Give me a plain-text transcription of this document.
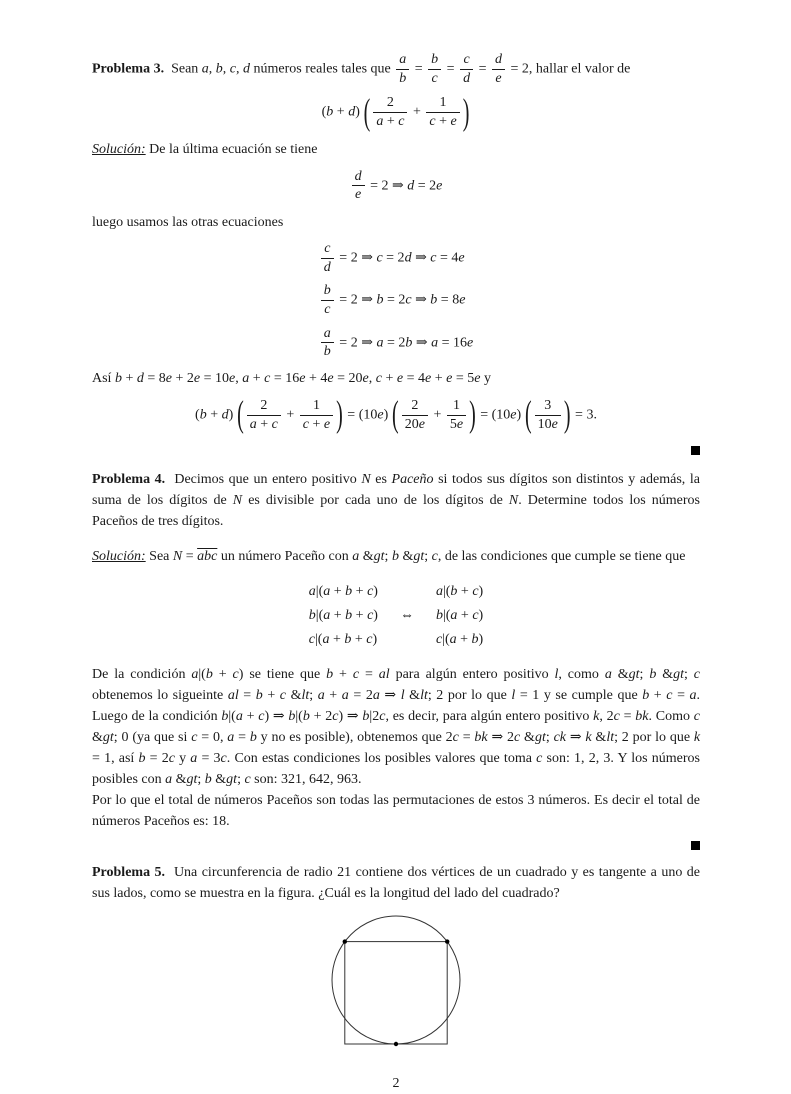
Problema 3.  Sean a, b, c, d números reales tales que $\frac{a}{b} = \frac{b}{c} = \frac{c}{d} = \frac{d}{e} = 2$, hallar el valor de
(b + d) ( $\frac{2}{a + c} + \frac{1}{c + e}$ )
Solución: De la última ecuación se tiene
$\frac{d}{e} = 2$ ⇒ d = 2e
luego usamos las otras ecuaciones
$\frac{c}{d} = 2$ ⇒ c = 2d ⇒ c = 4e
$\frac{b}{c} = 2$ ⇒ b = 2c ⇒ b = 8e
$\frac{a}{b} = 2$ ⇒ a = 2b ⇒ a = 16e
Así b + d = 8e + 2e = 10e, a + c = 16e + 4e = 20e, c + e = 4e + e = 5e y
(b + d) ( $\frac{2}{a + c} + \frac{1}{c + e}$ ) = (10e) ( $\frac{2}{20e} + \frac{1}{5e}$ ) = (10e) ( $\frac{3}{10e}$ ) = 3.
Problema 4.  Decimos que un entero positivo N es Paceño si todos sus dígitos son distintos y además, la suma de los dígitos de N es divisible por cada uno de los dígitos de N. Determine todos los números Paceños de tres dígitos.
Solución: Sea $N = \overline{abc}$ un número Paceño con a &gt; b &gt; c, de las condiciones que cumple se tiene que
a|(a + b + c)	a|(b + c)
b|(a + b + c)	⇔	b|(a + c)
c|(a + b + c)	c|(a + b)
De la condición a|(b + c) se tiene que b + c = al para algún entero positivo l, como a &gt; b &gt; c obtenemos lo sigueinte al = b + c &lt; a + a = 2a ⇒ l &lt; 2 por lo que l = 1 y se cumple que b + c = a. Luego de la condición b|(a + c) ⇒ b|(b + 2c) ⇒ b|2c, es decir, para algún entero positivo k, 2c = bk. Como c &gt; 0 (ya que si c = 0, a = b y no es posible), obtenemos que 2c = bk ⇒ 2c &gt; ck ⇒ k &lt; 2 por lo que k = 1, así b = 2c y a = 3c. Con estas condiciones los posibles valores que toma c son: 1, 2, 3. Y los números posibles con a &gt; b &gt; c son: 321, 642, 963.
Por lo que el total de números Paceños son todas las permutaciones de estos 3 números. Es decir el total de números Paceños es: 18.
Problema 5.  Una circunferencia de radio 21 contiene dos vértices de un cuadrado y es tangente a uno de sus lados, como se muestra en la figura. ¿Cuál es la longitud del lado del cuadrado?
2
